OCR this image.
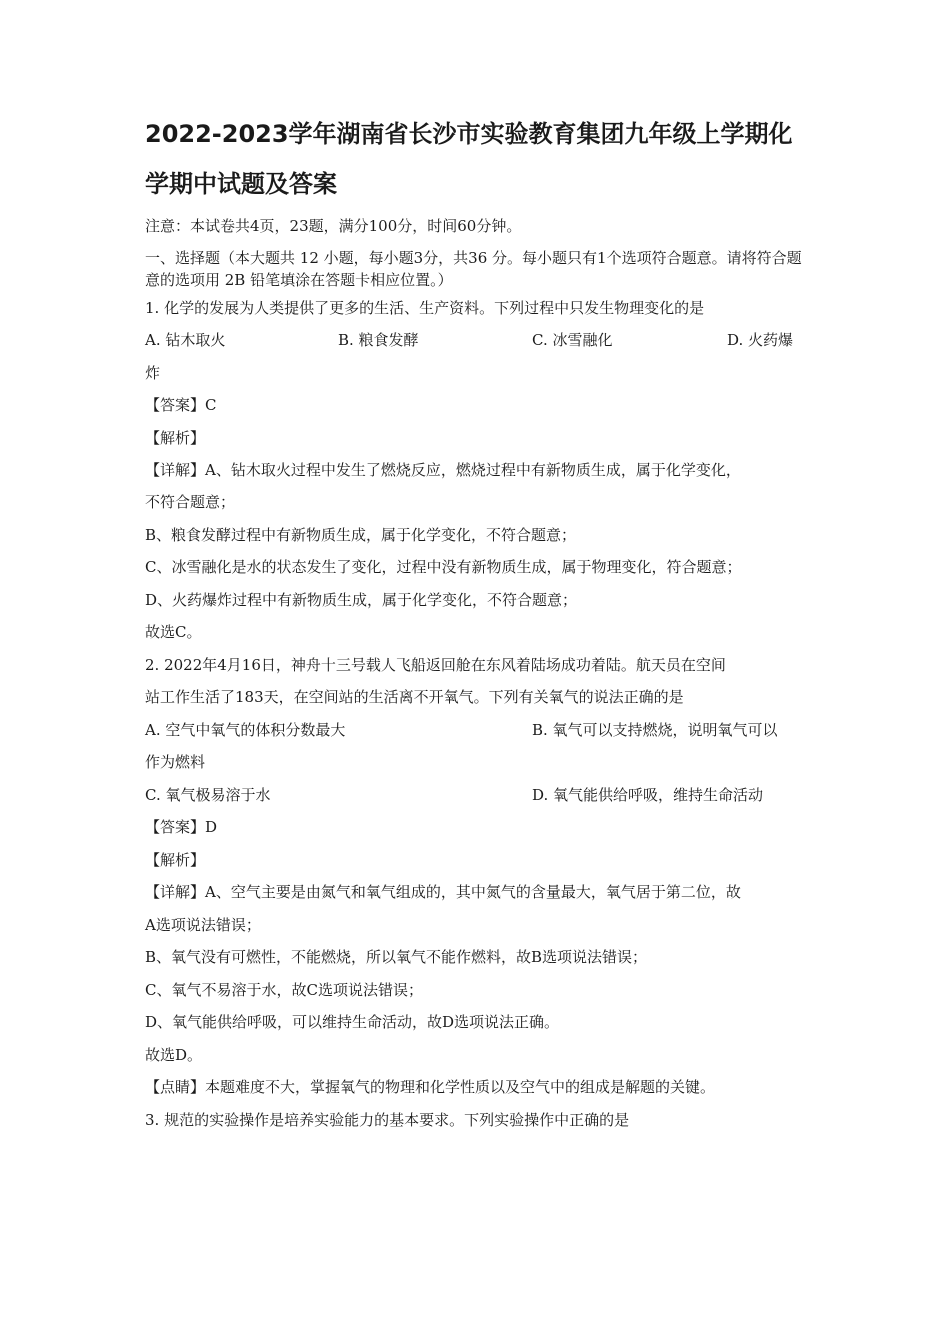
2022-2023学年湖南省长沙市实验教育集团九年级上学期化
学期中试题及答案
注意：本试卷共4页，23题，满分100分，时间60分钟。
一、选择题（本大题共 12 小题，每小题3分，共36 分。每小题只有1个选项符合题意。请将符合题意的选项用 2B 铅笔填涂在答题卡相应位置。）
1. 化学的发展为人类提供了更多的生活、生产资料。下列过程中只发生物理变化的是
A. 钻木取火	B. 粮食发酵	C. 冰雪融化	D. 火药爆
炸
【答案】C
【解析】
【详解】A、钻木取火过程中发生了燃烧反应，燃烧过程中有新物质生成，属于化学变化，
不符合题意；
B、粮食发酵过程中有新物质生成，属于化学变化，不符合题意；
C、冰雪融化是水的状态发生了变化，过程中没有新物质生成，属于物理变化，符合题意；
D、火药爆炸过程中有新物质生成，属于化学变化，不符合题意；
故选C。
2. 2022年4月16日，神舟十三号载人飞船返回舱在东风着陆场成功着陆。航天员在空间
站工作生活了183天，在空间站的生活离不开氧气。下列有关氧气的说法正确的是
A. 空气中氧气的体积分数最大	B. 氧气可以支持燃烧，说明氧气可以
作为燃料
C. 氧气极易溶于水	D. 氧气能供给呼吸，维持生命活动
【答案】D
【解析】
【详解】A、空气主要是由氮气和氧气组成的，其中氮气的含量最大，氧气居于第二位，故
A选项说法错误；
B、氧气没有可燃性，不能燃烧，所以氧气不能作燃料，故B选项说法错误；
C、氧气不易溶于水，故C选项说法错误；
D、氧气能供给呼吸，可以维持生命活动，故D选项说法正确。
故选D。
【点睛】本题难度不大，掌握氧气的物理和化学性质以及空气中的组成是解题的关键。
3. 规范的实验操作是培养实验能力的基本要求。下列实验操作中正确的是
